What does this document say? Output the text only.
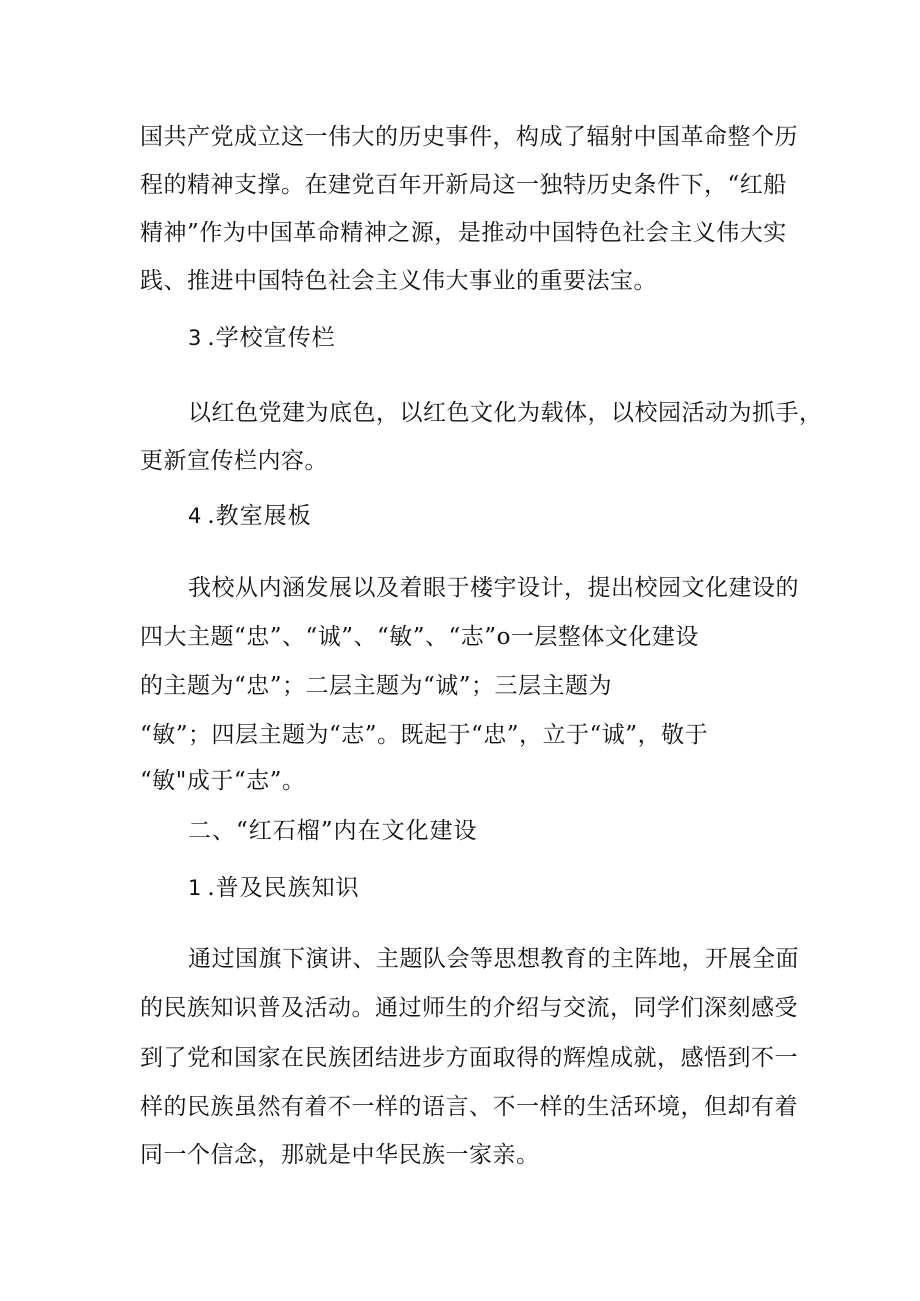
国共产党成立这一伟大的历史事件，构成了辐射中国革命整个历
程的精神支撑。在建党百年开新局这一独特历史条件下，“红船
精神”作为中国革命精神之源，是推动中国特色社会主义伟大实
践、推进中国特色社会主义伟大事业的重要法宝。
3 .学校宣传栏
以红色党建为底色，以红色文化为载体，以校园活动为抓手，
更新宣传栏内容。
4 .教室展板
我校从内涵发展以及着眼于楼宇设计，提出校园文化建设的
四大主题“忠”、“诚”、“敏”、“志”o一层整体文化建设
的主题为“忠”；二层主题为“诚”；三层主题为
“敏”；四层主题为“志”。既起于“忠”，立于“诚”，敬于
“敏"成于“志”。
二、“红石榴”内在文化建设
1 .普及民族知识
通过国旗下演讲、主题队会等思想教育的主阵地，开展全面
的民族知识普及活动。通过师生的介绍与交流，同学们深刻感受
到了党和国家在民族团结进步方面取得的辉煌成就，感悟到不一
样的民族虽然有着不一样的语言、不一样的生活环境，但却有着
同一个信念，那就是中华民族一家亲。
